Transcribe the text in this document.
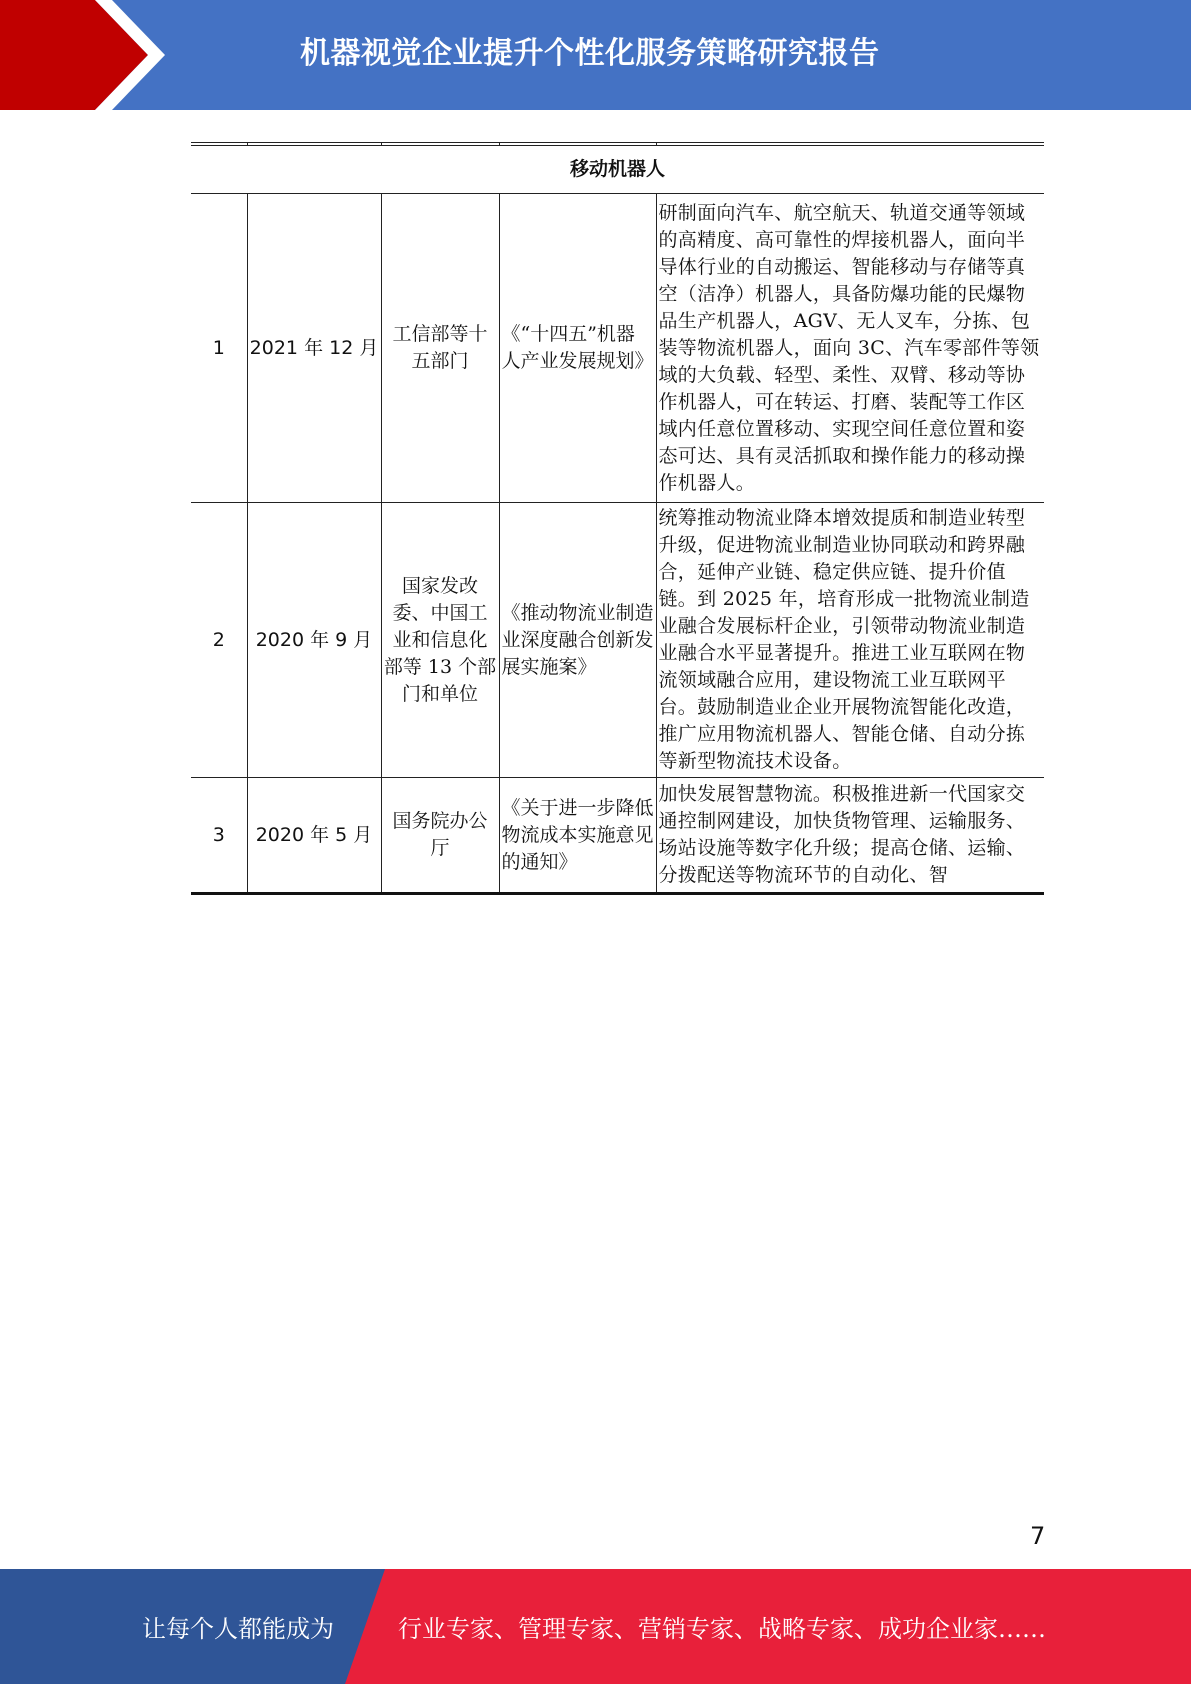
机器视觉企业提升个性化服务策略研究报告

移动机器人				
1	2021 年 12 月	工信部等十五部门	《“十四五”机器人产业发展规划》	研制面向汽车、航空航天、轨道交通等领域的高精度、高可靠性的焊接机器人，面向半导体行业的自动搬运、智能移动与存储等真空（洁净）机器人，具备防爆功能的民爆物品生产机器人，AGV、无人叉车，分拣、包装等物流机器人，面向 3C、汽车零部件等领域的大负载、轻型、柔性、双臂、移动等协作机器人，可在转运、打磨、装配等工作区域内任意位置移动、实现空间任意位置和姿态可达、具有灵活抓取和操作能力的移动操作机器人。
2	2020 年 9 月	国家发改委、中国工业和信息化部等 13 个部门和单位	《推动物流业制造业深度融合创新发展实施案》	统筹推动物流业降本增效提质和制造业转型升级，促进物流业制造业协同联动和跨界融合，延伸产业链、稳定供应链、提升价值链。到 2025 年，培育形成一批物流业制造业融合发展标杆企业，引领带动物流业制造业融合水平显著提升。推进工业互联网在物流领域融合应用，建设物流工业互联网平台。鼓励制造业企业开展物流智能化改造，推广应用物流机器人、智能仓储、自动分拣等新型物流技术设备。
3	2020 年 5 月	国务院办公厅	《关于进一步降低物流成本实施意见的通知》	加快发展智慧物流。积极推进新一代国家交通控制网建设，加快货物管理、运输服务、场站设施等数字化升级；提高仓储、运输、分拨配送等物流环节的自动化、智
7
让每个人都能成为	行业专家、管理专家、营销专家、战略专家、成功企业家……
